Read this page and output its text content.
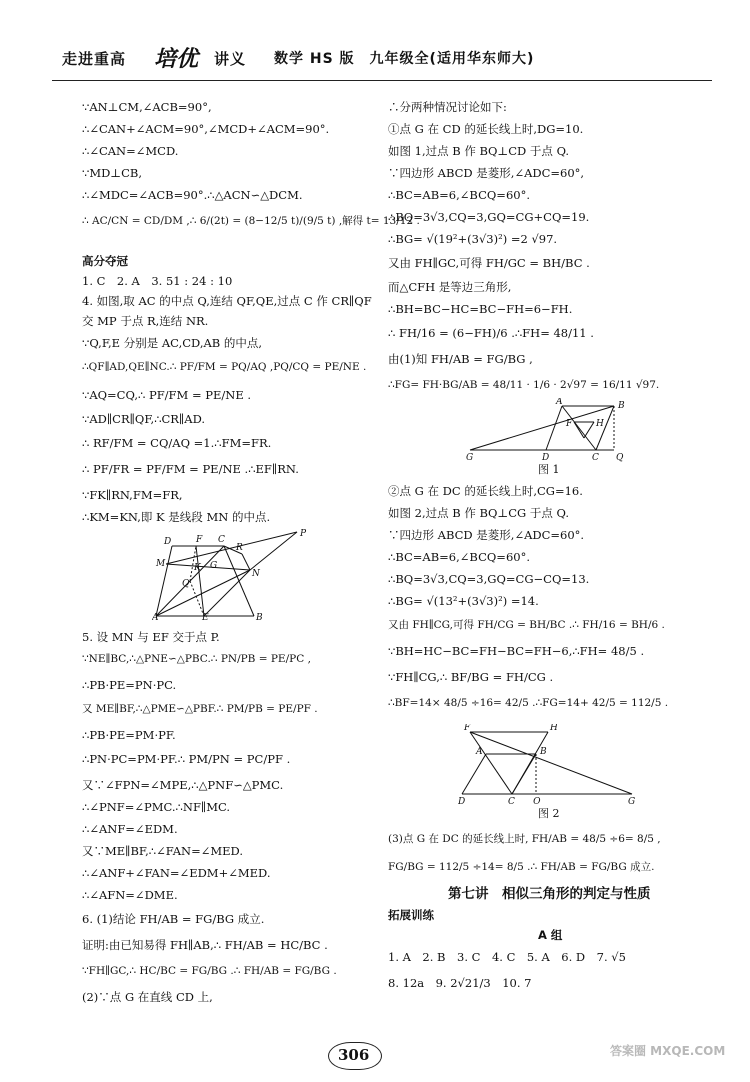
走进重高 培优 讲义 数学 HS 版　九年级全(适用华东师大)
∵AN⊥CM,∠ACB=90°,
∴∠CAN+∠ACM=90°,∠MCD+∠ACM=90°.
∴∠CAN=∠MCD.
∵MD⊥CB,
∴∠MDC=∠ACB=90°.∴△ACN∽△DCM.
∴ AC/CN = CD/DM ,∴ 6/(2t) = (8−12/5 t)/(9/5 t) ,解得 t= 13/12 .
高分夺冠
1. C　2. A　3. 51 : 24 : 10
4. 如图,取 AC 的中点 Q,连结 QF,QE,过点 C 作 CR∥QF
交 MP 于点 R,连结 NR.
∵Q,F,E 分别是 AC,CD,AB 的中点,
∴QF∥AD,QE∥NC.∴ PF/FM = PQ/AQ ,PQ/CQ = PE/NE .
∵AQ=CQ,∴ PF/FM = PE/NE .
∵AD∥CR∥QF,∴CR∥AD.
∴ RF/FM = CQ/AQ =1.∴FM=FR.
∴ PF/FR = PF/FM = PE/NE .∴EF∥RN.
∵FK∥RN,FM=FR,
∴KM=KN,即 K 是线段 MN 的中点.
D	F
R
P
M	K
Q
G
N
C
A	E	B
5. 设 MN 与 EF 交于点 P.
∵NE∥BC,∴△PNE∽△PBC.∴ PN/PB = PE/PC ,
∴PB·PE=PN·PC.
又 ME∥BF,∴△PME∽△PBF.∴ PM/PB = PE/PF .
∴PB·PE=PM·PF.
∴PN·PC=PM·PF.∴ PM/PN = PC/PF .
又∵∠FPN=∠MPE,∴△PNF∽△PMC.
∴∠PNF=∠PMC.∴NF∥MC.
∴∠ANF=∠EDM.
又∵ME∥BF,∴∠FAN=∠MED.
∴∠ANF+∠FAN=∠EDM+∠MED.
∴∠AFN=∠DME.
6. (1)结论 FH/AB = FG/BG 成立.
证明:由已知易得 FH∥AB,∴ FH/AB = HC/BC .
∵FH∥GC,∴ HC/BC = FG/BG .∴ FH/AB = FG/BG .
(2)∵点 G 在直线 CD 上,
∴分两种情况讨论如下:
①点 G 在 CD 的延长线上时,DG=10.
如图 1,过点 B 作 BQ⊥CD 于点 Q.
∵四边形 ABCD 是菱形,∠ADC=60°,
∴BC=AB=6,∠BCQ=60°.
∴BQ=3√3,CQ=3,GQ=CG+CQ=19.
∴BG= √(19²+(3√3)²) =2 √97.
又由 FH∥GC,可得 FH/GC = BH/BC .
而△CFH 是等边三角形,
∴BH=BC−HC=BC−FH=6−FH.
∴ FH/16 = (6−FH)/6 .∴FH= 48/11 .
由(1)知 FH/AB = FG/BG ,
∴FG= FH·BG/AB = 48/11 · 1/6 · 2√97 = 16/11 √97.
A	B
F	H
G	D	C Q
图 1
②点 G 在 DC 的延长线上时,CG=16.
如图 2,过点 B 作 BQ⊥CG 于点 Q.
∵四边形 ABCD 是菱形,∠ADC=60°.
∴BC=AB=6,∠BCQ=60°.
∴BQ=3√3,CQ=3,GQ=CG−CQ=13.
∴BG= √(13²+(3√3)²) =14.
又由 FH∥CG,可得 FH/CG = BH/BC .∴ FH/16 = BH/6 .
∵BH=HC−BC=FH−BC=FH−6,∴FH= 48/5 .
∵FH∥CG,∴ BF/BG = FH/CG .
∴BF=14× 48/5 ÷16= 42/5 .∴FG=14+ 42/5 = 112/5 .
F	H
A	B
D	C Q	G
图 2
(3)点 G 在 DC 的延长线上时, FH/AB = 48/5 ÷6= 8/5 ,
FG/BG = 112/5 ÷14= 8/5 .∴ FH/AB = FG/BG 成立.
第七讲　相似三角形的判定与性质
拓展训练
A 组
1. A　2. B　3. C　4. C　5. A　6. D　7. √5
8. 12a　9. 2√21/3　10. 7
306	答案圈 MXQE.COM
